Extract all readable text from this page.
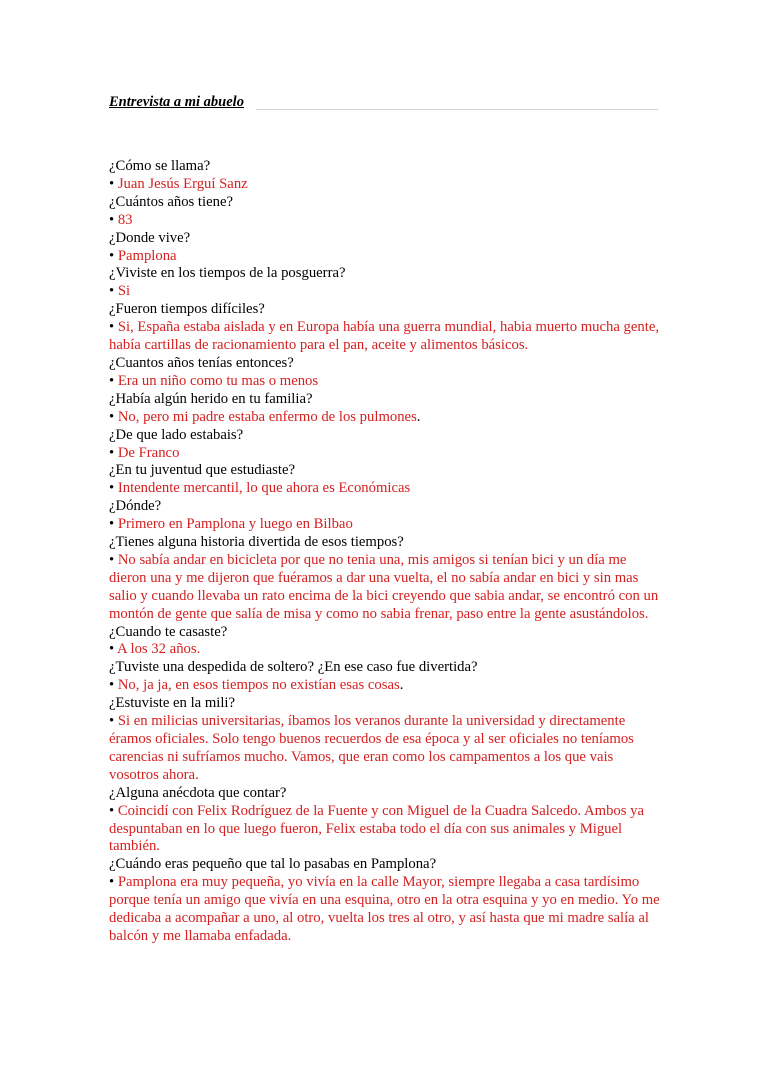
Entrevista a mi abuelo

¿Cómo se llama?

• Juan Jesús Erguí Sanz

¿Cuántos años tiene?

• 83

¿Donde vive?

• Pamplona

¿Viviste en los tiempos de la posguerra?

• Si

¿Fueron tiempos difíciles?

• Si, España estaba aislada y en Europa había una guerra mundial, habia muerto mucha gente, había cartillas de racionamiento para el pan, aceite y alimentos básicos.

¿Cuantos años tenías entonces?

• Era un niño como tu mas o menos

¿Había algún herido en tu familia?

• No, pero mi padre estaba enfermo de los pulmones.

¿De que lado estabais?

• De Franco

¿En tu juventud que estudiaste?

• Intendente mercantil, lo que ahora es Económicas

¿Dónde?

• Primero en Pamplona y luego en Bilbao

¿Tienes alguna historia divertida de esos tiempos?

• No sabía andar en bicicleta por que no tenia una, mis amigos si tenían bici y un día me dieron una y me dijeron que fuéramos a dar una vuelta, el no sabía andar en bici y sin mas salio y cuando llevaba un rato encima de la bici creyendo que sabia andar, se encontró con un montón de gente que salía de misa y como no sabia frenar, paso entre la gente asustándolos.

¿Cuando te casaste?

• A los 32 años.

¿Tuviste una despedida de soltero? ¿En ese caso fue divertida?

• No, ja ja, en esos tiempos no existían esas cosas.

¿Estuviste en la mili?

• Si en milicias universitarias, íbamos los veranos durante la universidad y directamente éramos oficiales. Solo tengo buenos recuerdos de esa época y al ser oficiales no teníamos carencias ni sufríamos mucho. Vamos, que eran como los campamentos a los que vais vosotros ahora.

¿Alguna anécdota que contar?

• Coincidí con Felix Rodríguez de la Fuente y con Miguel de la Cuadra Salcedo. Ambos ya despuntaban en lo que luego fueron, Felix estaba todo el día con sus animales y Miguel también.

¿Cuándo eras pequeño que tal lo pasabas en Pamplona?

• Pamplona era muy pequeña, yo vivía en la calle Mayor, siempre llegaba a casa tardísimo porque tenía un amigo que vivía en una esquina, otro en la otra esquina y yo en medio. Yo me dedicaba a acompañar a uno, al otro, vuelta los tres al otro, y así hasta que mi madre salía al balcón y me llamaba enfadada.
